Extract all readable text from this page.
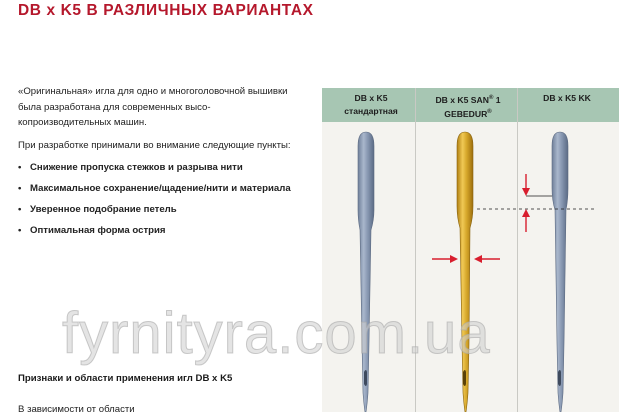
DB x K5 В РАЗЛИЧНЫХ ВАРИАНТАХ

«Оригинальная» игла для одно и многоголовочной вышивки была разработана для современных высо-копроизводительных машин.

При разработке принимали во внимание следующие пункты:

• Снижение пропуска стежков и разрыва нити
• Максимальное сохранение/щадение/нити и материала
• Уверенное подобрание петель
• Оптимальная форма острия
Признаки и области применения игл DB x K5
В зависимости от области
DB x K5
стандартная
DB x K5 SAN® 1
GEBEDUR®
DB x K5 KK
fyrnityra.com.ua
